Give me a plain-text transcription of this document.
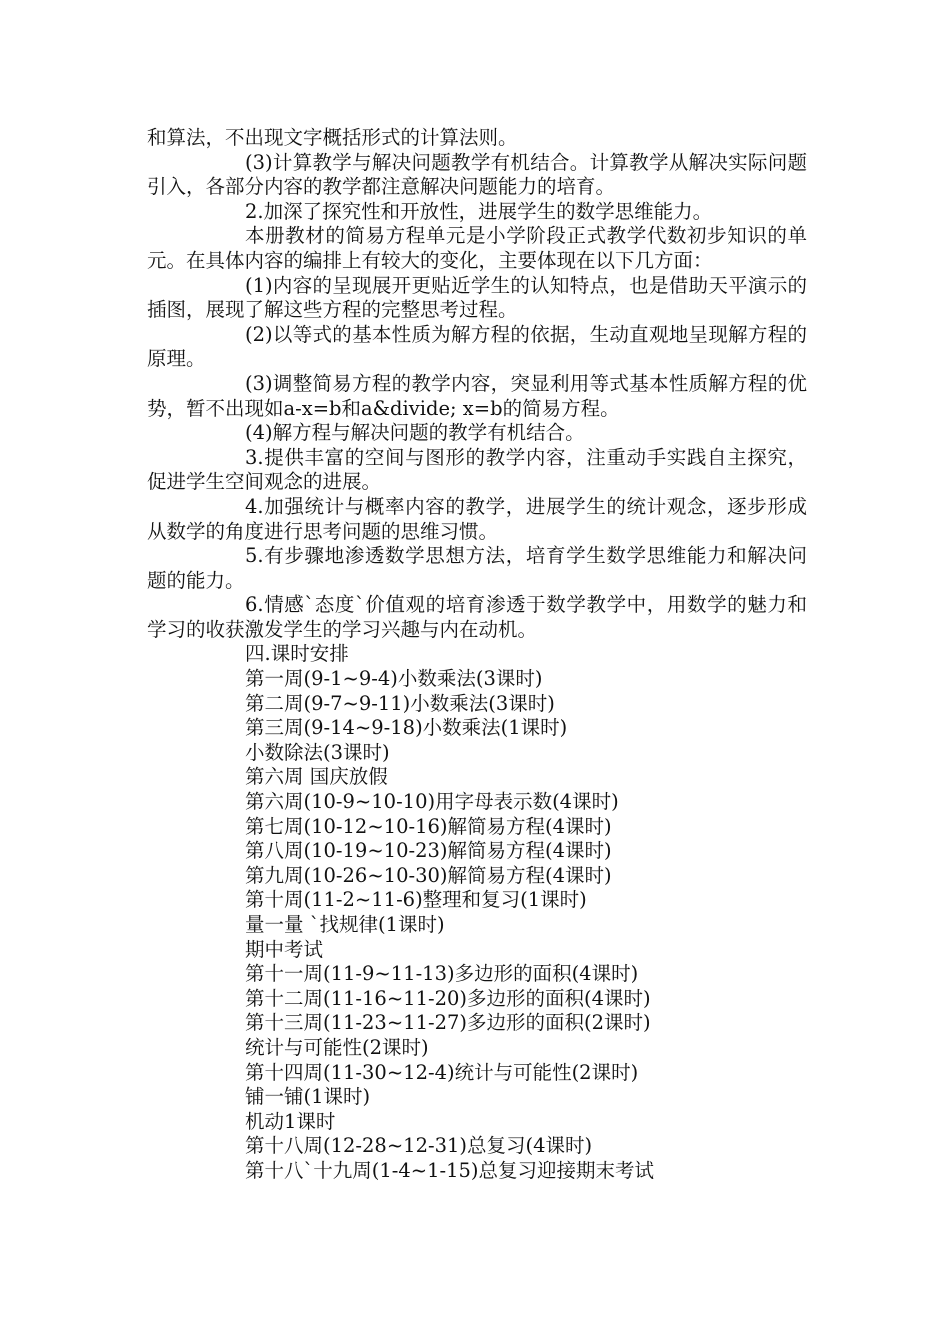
和算法，不出现文字概括形式的计算法则。

(3)计算教学与解决问题教学有机结合。计算教学从解决实际问题引入，各部分内容的教学都注意解决问题能力的培育。

2.加深了探究性和开放性，进展学生的数学思维能力。

本册教材的简易方程单元是小学阶段正式教学代数初步知识的单元。在具体内容的编排上有较大的变化，主要体现在以下几方面：

(1)内容的呈现展开更贴近学生的认知特点，也是借助天平演示的插图，展现了解这些方程的完整思考过程。

(2)以等式的基本性质为解方程的依据，生动直观地呈现解方程的原理。

(3)调整简易方程的教学内容，突显利用等式基本性质解方程的优势，暂不出现如a-x=b和a&divide; x=b的简易方程。

(4)解方程与解决问题的教学有机结合。

3.提供丰富的空间与图形的教学内容，注重动手实践自主探究，促进学生空间观念的进展。

4.加强统计与概率内容的教学，进展学生的统计观念，逐步形成从数学的角度进行思考问题的思维习惯。

5.有步骤地渗透数学思想方法，培育学生数学思维能力和解决问题的能力。

6.情感`态度`价值观的培育渗透于数学教学中，用数学的魅力和学习的收获激发学生的学习兴趣与内在动机。

四.课时安排

第一周(9-1~9-4)小数乘法(3课时)

第二周(9-7~9-11)小数乘法(3课时)

第三周(9-14~9-18)小数乘法(1课时)

小数除法(3课时)

第六周 国庆放假

第六周(10-9~10-10)用字母表示数(4课时)

第七周(10-12~10-16)解简易方程(4课时)

第八周(10-19~10-23)解简易方程(4课时)

第九周(10-26~10-30)解简易方程(4课时)

第十周(11-2~11-6)整理和复习(1课时)

量一量 `找规律(1课时)

期中考试

第十一周(11-9~11-13)多边形的面积(4课时)

第十二周(11-16~11-20)多边形的面积(4课时)

第十三周(11-23~11-27)多边形的面积(2课时)

统计与可能性(2课时)

第十四周(11-30~12-4)统计与可能性(2课时)

铺一铺(1课时)

机动1课时

第十八周(12-28~12-31)总复习(4课时)

第十八`十九周(1-4~1-15)总复习迎接期末考试
